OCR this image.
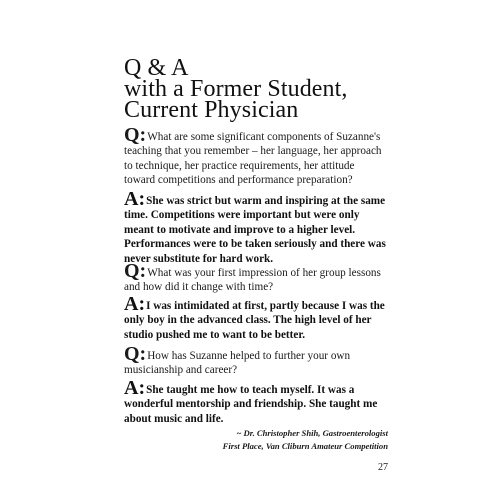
Q & A
with a Former Student,
Current Physician
Q:What are some significant components of Suzanne's teaching that you remember – her language, her approach to technique, her practice requirements, her attitude toward competitions and performance preparation?
A:She was strict but warm and inspiring at the same time. Competitions were important but were only meant to motivate and improve to a higher level. Performances were to be taken seriously and there was never substitute for hard work.
Q:What was your first impression of her group lessons and how did it change with time?
A:I was intimidated at first, partly because I was the only boy in the advanced class. The high level of her studio pushed me to want to be better.
Q:How has Suzanne helped to further your own musicianship and career?
A:She taught me how to teach myself. It was a wonderful mentorship and friendship. She taught me about music and life.
~ Dr. Christopher Shih, Gastroenterologist
First Place, Van Cliburn Amateur Competition
27
